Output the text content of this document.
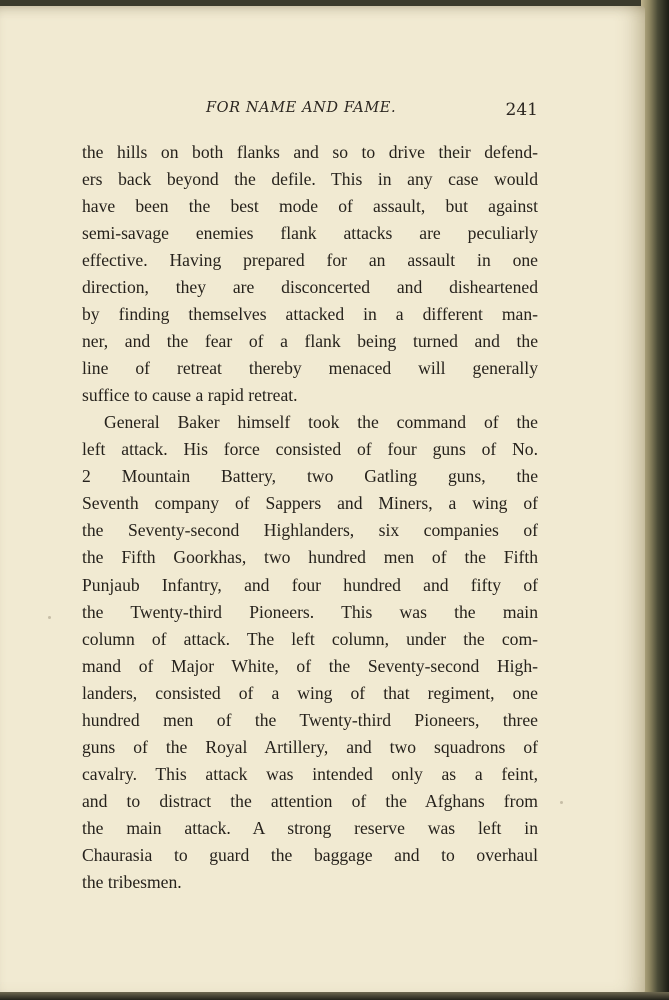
FOR NAME AND FAME.	241
the hills on both flanks and so to drive their defend-
ers back beyond the defile. This in any case would
have been the best mode of assault, but against
semi-savage enemies flank attacks are peculiarly
effective. Having prepared for an assault in one
direction, they are disconcerted and disheartened
by finding themselves attacked in a different man-
ner, and the fear of a flank being turned and the
line of retreat thereby menaced will generally
suffice to cause a rapid retreat.
General Baker himself took the command of the
left attack. His force consisted of four guns of No.
2 Mountain Battery, two Gatling guns, the
Seventh company of Sappers and Miners, a wing of
the Seventy-second Highlanders, six companies of
the Fifth Goorkhas, two hundred men of the Fifth
Punjaub Infantry, and four hundred and fifty of
the Twenty-third Pioneers. This was the main
column of attack. The left column, under the com-
mand of Major White, of the Seventy-second High-
landers, consisted of a wing of that regiment, one
hundred men of the Twenty-third Pioneers, three
guns of the Royal Artillery, and two squadrons of
cavalry. This attack was intended only as a feint,
and to distract the attention of the Afghans from
the main attack. A strong reserve was left in
Chaurasia to guard the baggage and to overhaul
the tribesmen.
